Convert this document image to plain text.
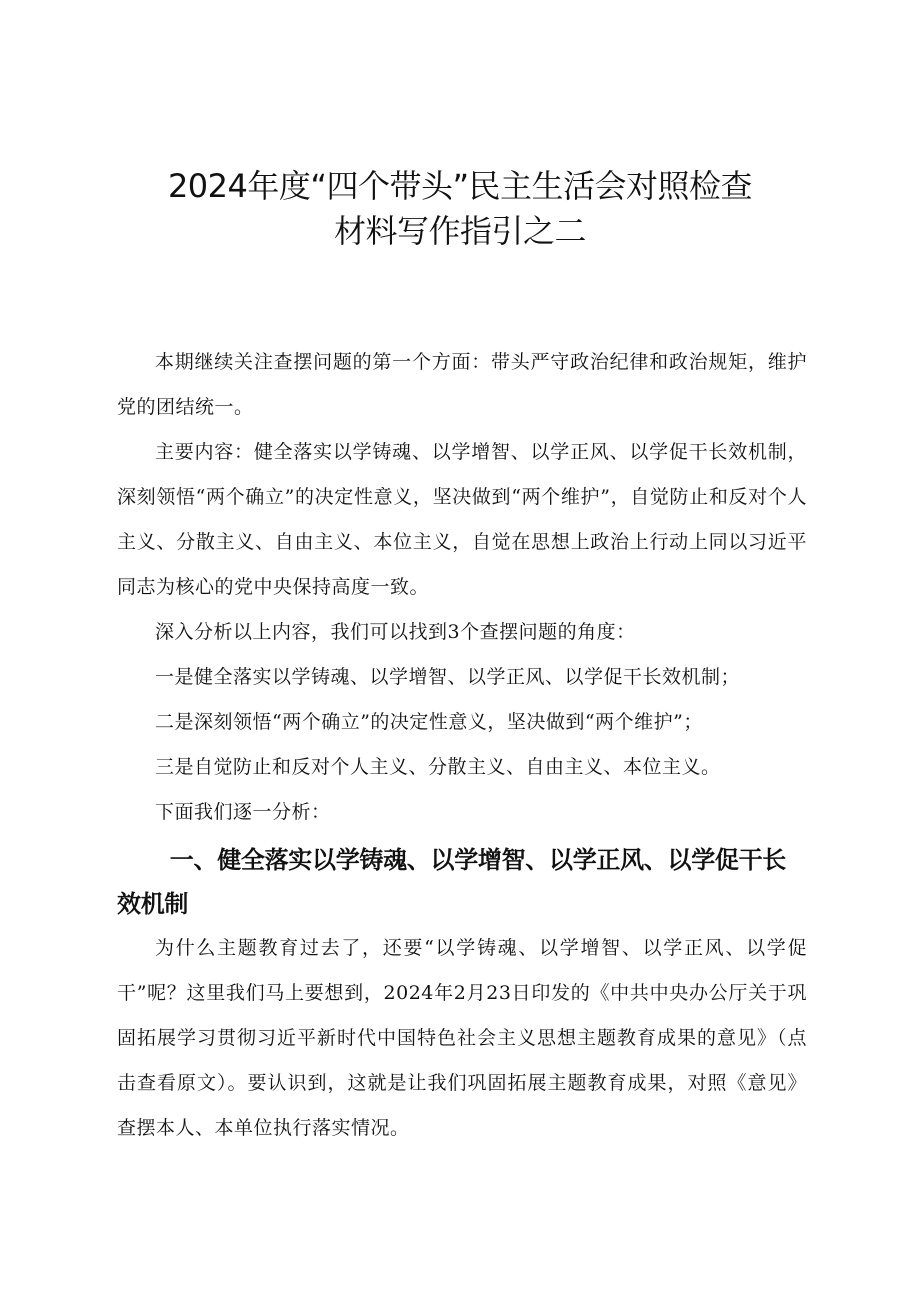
2024年度“四个带头”民主生活会对照检查
材料写作指引之二

本期继续关注查摆问题的第一个方面：带头严守政治纪律和政治规矩，维护党的团结统一。

主要内容：健全落实以学铸魂、以学增智、以学正风、以学促干长效机制，深刻领悟“两个确立”的决定性意义，坚决做到“两个维护”，自觉防止和反对个人主义、分散主义、自由主义、本位主义，自觉在思想上政治上行动上同以习近平同志为核心的党中央保持高度一致。

深入分析以上内容，我们可以找到3个查摆问题的角度：

一是健全落实以学铸魂、以学增智、以学正风、以学促干长效机制；

二是深刻领悟“两个确立”的决定性意义，坚决做到“两个维护”；

三是自觉防止和反对个人主义、分散主义、自由主义、本位主义。

下面我们逐一分析：

一、健全落实以学铸魂、以学增智、以学正风、以学促干长效机制

为什么主题教育过去了，还要“以学铸魂、以学增智、以学正风、以学促干”呢？这里我们马上要想到，2024年2月23日印发的《中共中央办公厅关于巩固拓展学习贯彻习近平新时代中国特色社会主义思想主题教育成果的意见》（点击查看原文）。要认识到，这就是让我们巩固拓展主题教育成果，对照《意见》查摆本人、本单位执行落实情况。
